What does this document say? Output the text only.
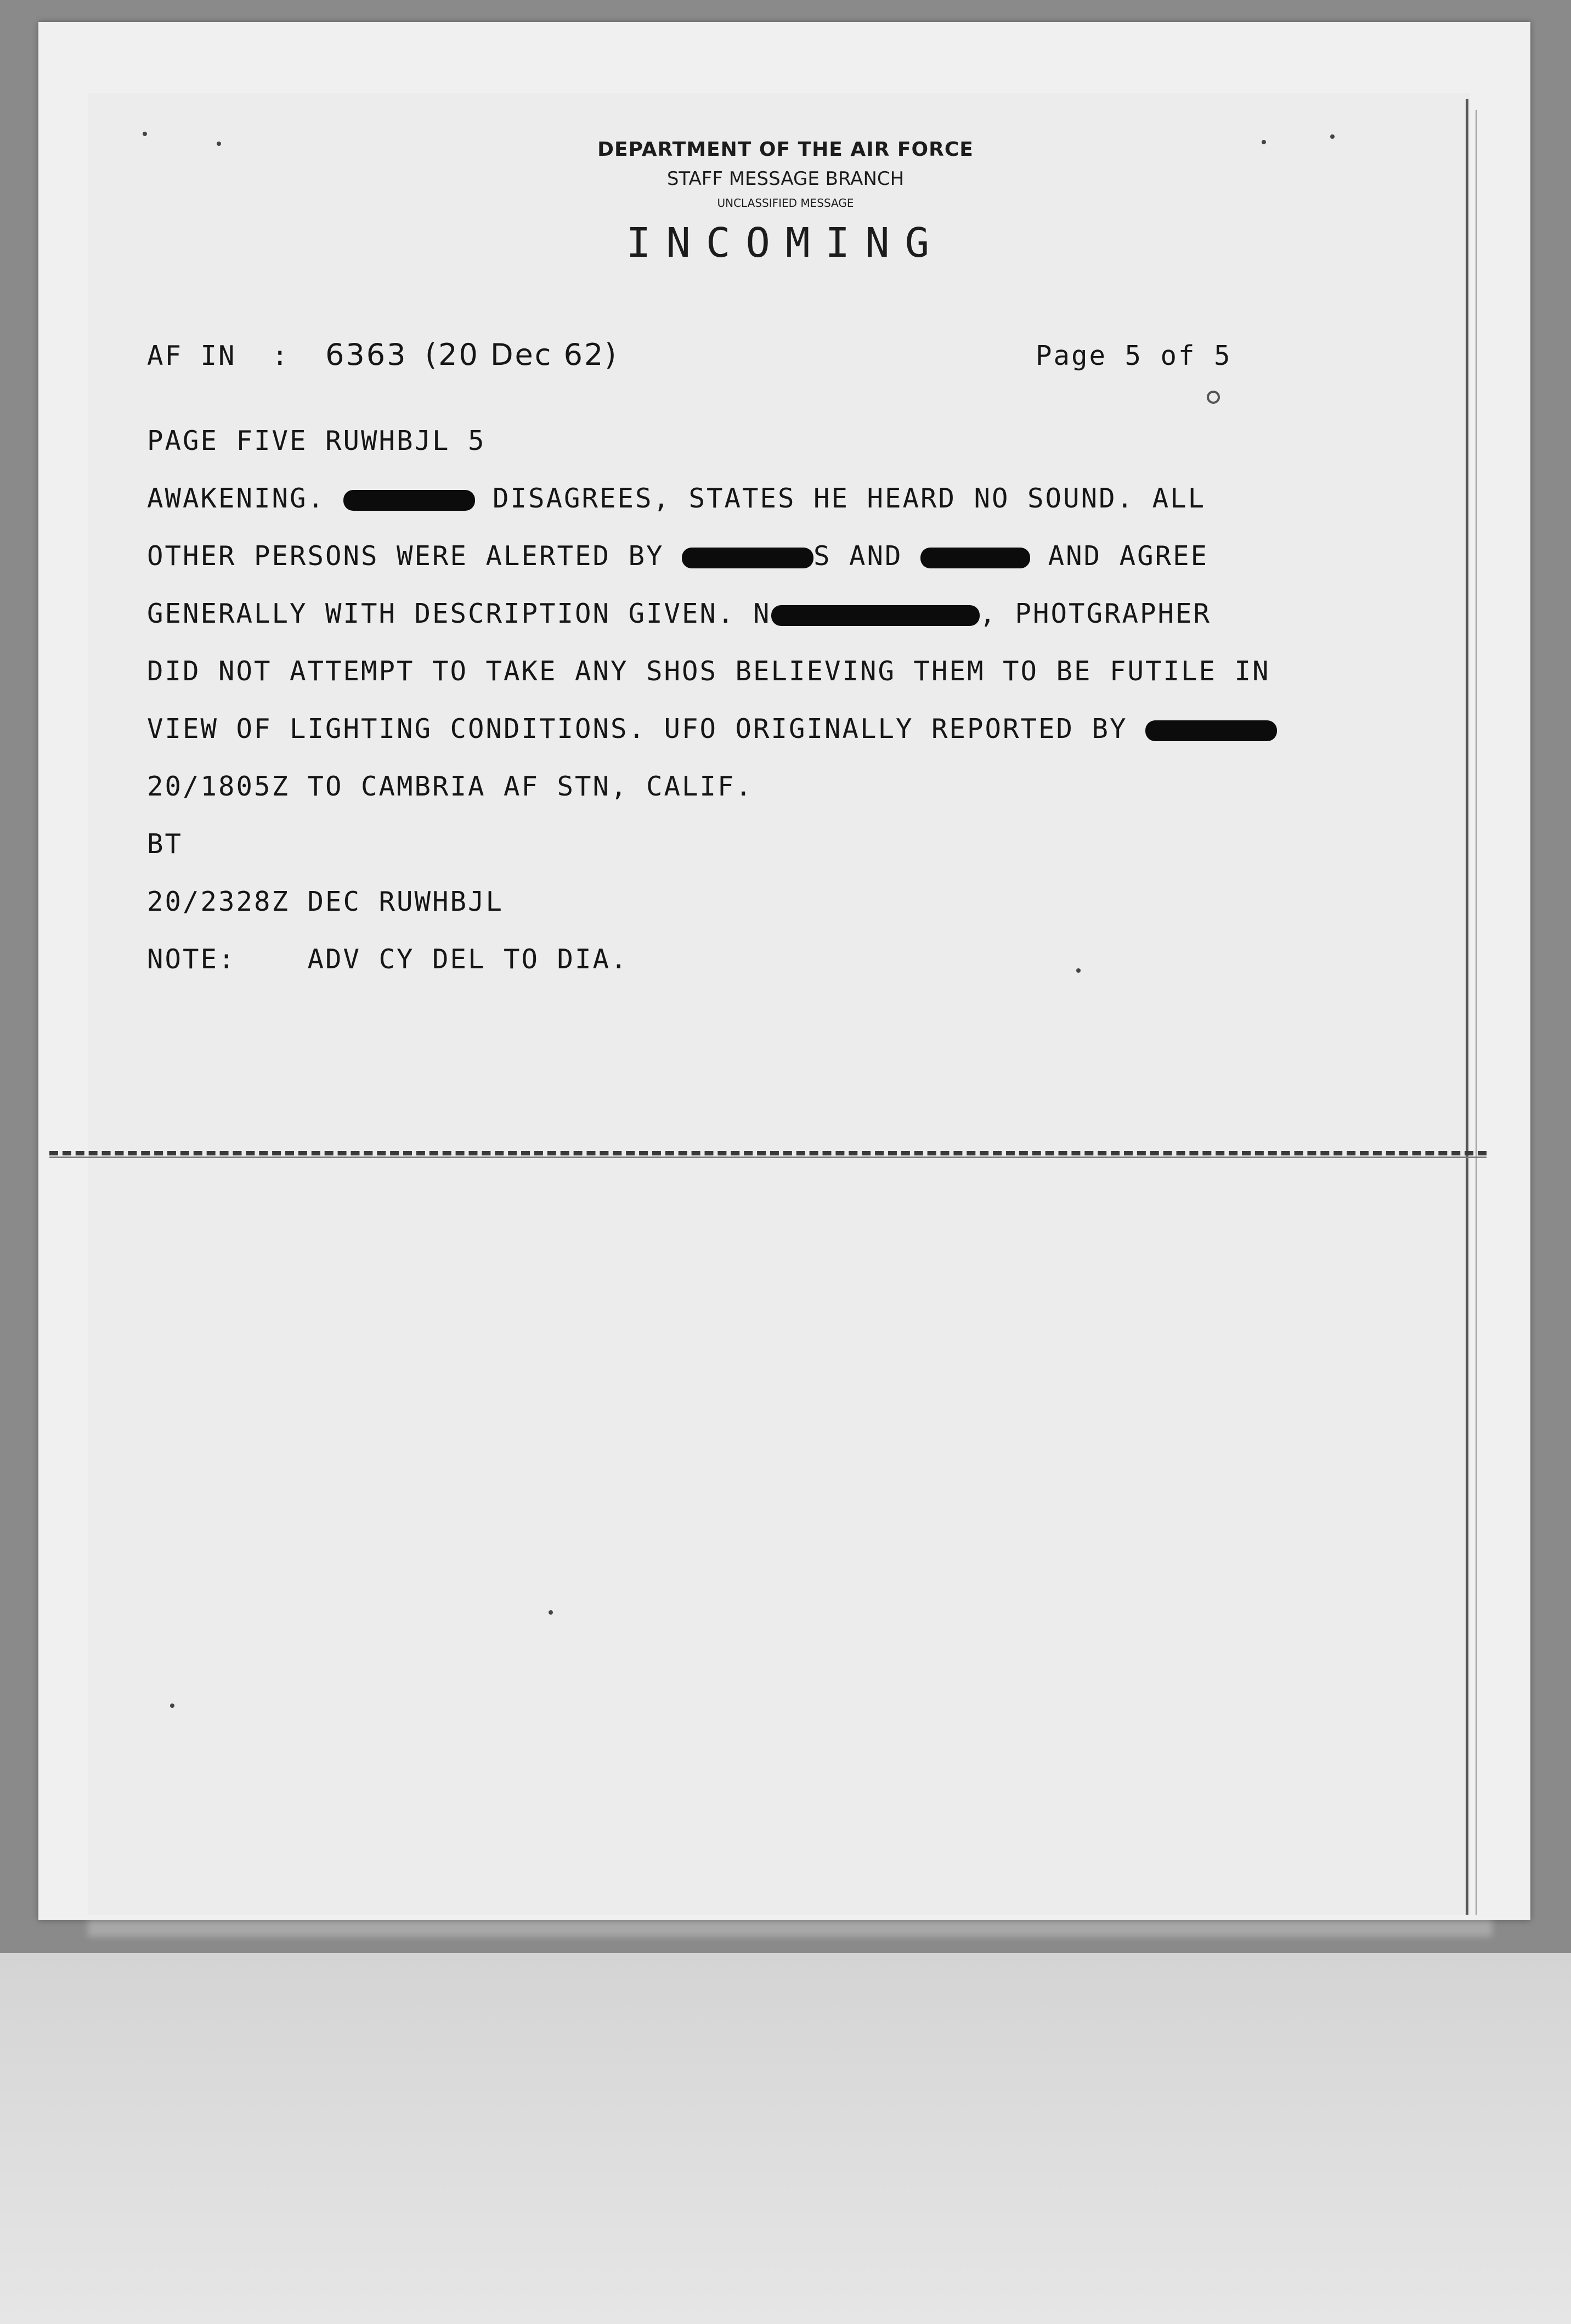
DEPARTMENT OF THE AIR FORCE
STAFF MESSAGE BRANCH
UNCLASSIFIED MESSAGE
INCOMING
AF IN : 6363 (20 Dec 62)	Page 5 of 5
PAGE FIVE RUWHBJL 5
AWAKENING.	DISAGREES, STATES HE HEARD NO SOUND. ALL
OTHER PERSONS WERE ALERTED BY	S AND	AND AGREE
GENERALLY WITH DESCRIPTION GIVEN. N	, PHOTGRAPHER
DID NOT ATTEMPT TO TAKE ANY SHOS BELIEVING THEM TO BE FUTILE IN
VIEW OF LIGHTING CONDITIONS. UFO ORIGINALLY REPORTED BY
20/1805Z TO CAMBRIA AF STN, CALIF.
BT
20/2328Z DEC RUWHBJL
NOTE:	ADV CY DEL TO DIA.
